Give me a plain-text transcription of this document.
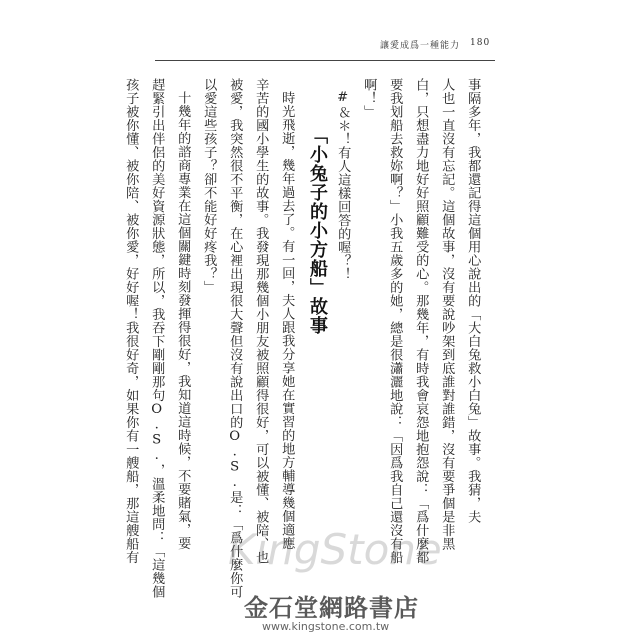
讓愛成爲一種能力 180
事隔多年，我都還記得這個用心說出的「大白兔救小白兔」故事。我猜，夫
人也一直沒有忘記。這個故事，沒有要說吵架到底誰對誰錯，沒有要爭個是非黑
白，只想盡力地好好照顧難受的心。那幾年，有時我會哀怨地抱怨說：「爲什麼都
要我划船去救妳啊？」小我五歲多的她，總是很瀟灑地說：「因爲我自己還沒有船
啊！」
#＆＊！有人這樣回答的喔？！
「小兔子的小方船」故事
時光飛逝，幾年過去了。有一回，夫人跟我分享她在實習的地方輔導幾個適應
辛苦的國小學生的故事。我發現那幾個小朋友被照顧得很好，可以被懂、被陪、也
被愛，我突然很不平衡，在心裡出現很大聲但沒有說出口的O.S.是：「爲什麼你可
以愛這些孩子？卻不能好好疼我？」
十幾年的諮商專業在這個關鍵時刻發揮得很好，我知道這時候，不要賭氣，要
趕緊引出伴侶的美好資源狀態，所以，我吞下剛剛那句O.S.，溫柔地問：「這幾個
孩子被你懂、被你陪、被你愛，好好喔！我很好奇，如果你有一艘船，那這艘船有 KingStone
金石堂網路書店
www.kingstone.com.tw
